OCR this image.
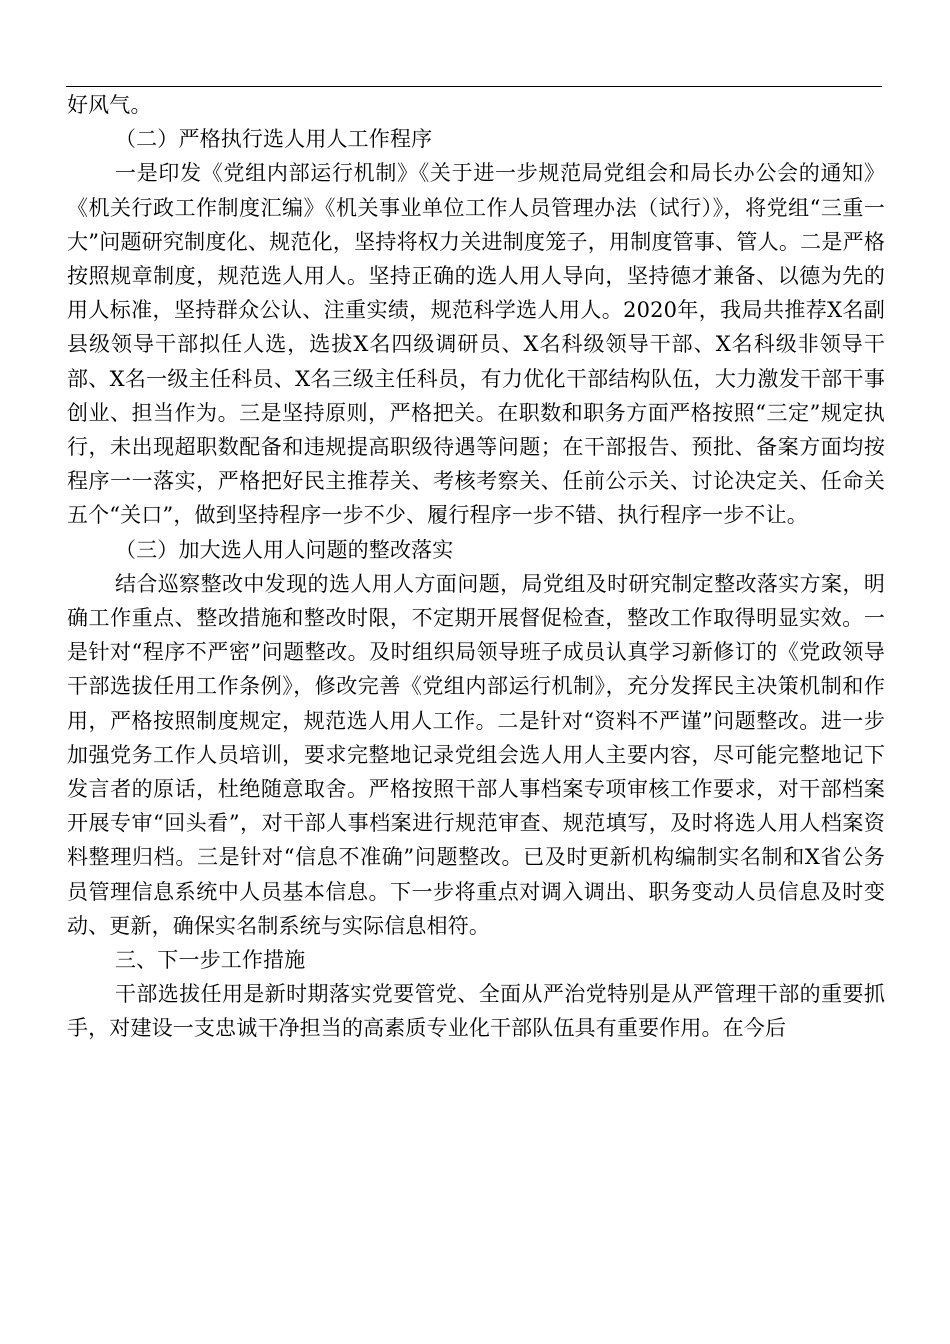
好风气。

（二）严格执行选人用人工作程序

一是印发《党组内部运行机制》《关于进一步规范局党组会和局长办公会的通知》《机关行政工作制度汇编》《机关事业单位工作人员管理办法（试行）》，将党组“三重一大”问题研究制度化、规范化，坚持将权力关进制度笼子，用制度管事、管人。二是严格按照规章制度，规范选人用人。坚持正确的选人用人导向，坚持德才兼备、以德为先的用人标准，坚持群众公认、注重实绩，规范科学选人用人。2020年，我局共推荐X名副县级领导干部拟任人选，选拔X名四级调研员、X名科级领导干部、X名科级非领导干部、X名一级主任科员、X名三级主任科员，有力优化干部结构队伍，大力激发干部干事创业、担当作为。三是坚持原则，严格把关。在职数和职务方面严格按照“三定”规定执行，未出现超职数配备和违规提高职级待遇等问题；在干部报告、预批、备案方面均按程序一一落实，严格把好民主推荐关、考核考察关、任前公示关、讨论决定关、任命关五个“关口”，做到坚持程序一步不少、履行程序一步不错、执行程序一步不让。

（三）加大选人用人问题的整改落实

结合巡察整改中发现的选人用人方面问题，局党组及时研究制定整改落实方案，明确工作重点、整改措施和整改时限，不定期开展督促检查，整改工作取得明显实效。一是针对“程序不严密”问题整改。及时组织局领导班子成员认真学习新修订的《党政领导干部选拔任用工作条例》，修改完善《党组内部运行机制》，充分发挥民主决策机制和作用，严格按照制度规定，规范选人用人工作。二是针对“资料不严谨”问题整改。进一步加强党务工作人员培训，要求完整地记录党组会选人用人主要内容，尽可能完整地记下发言者的原话，杜绝随意取舍。严格按照干部人事档案专项审核工作要求，对干部档案开展专审“回头看”，对干部人事档案进行规范审查、规范填写，及时将选人用人档案资料整理归档。三是针对“信息不准确”问题整改。已及时更新机构编制实名制和X省公务员管理信息系统中人员基本信息。下一步将重点对调入调出、职务变动人员信息及时变动、更新，确保实名制系统与实际信息相符。

三、下一步工作措施

干部选拔任用是新时期落实党要管党、全面从严治党特别是从严管理干部的重要抓手，对建设一支忠诚干净担当的高素质专业化干部队伍具有重要作用。在今后
